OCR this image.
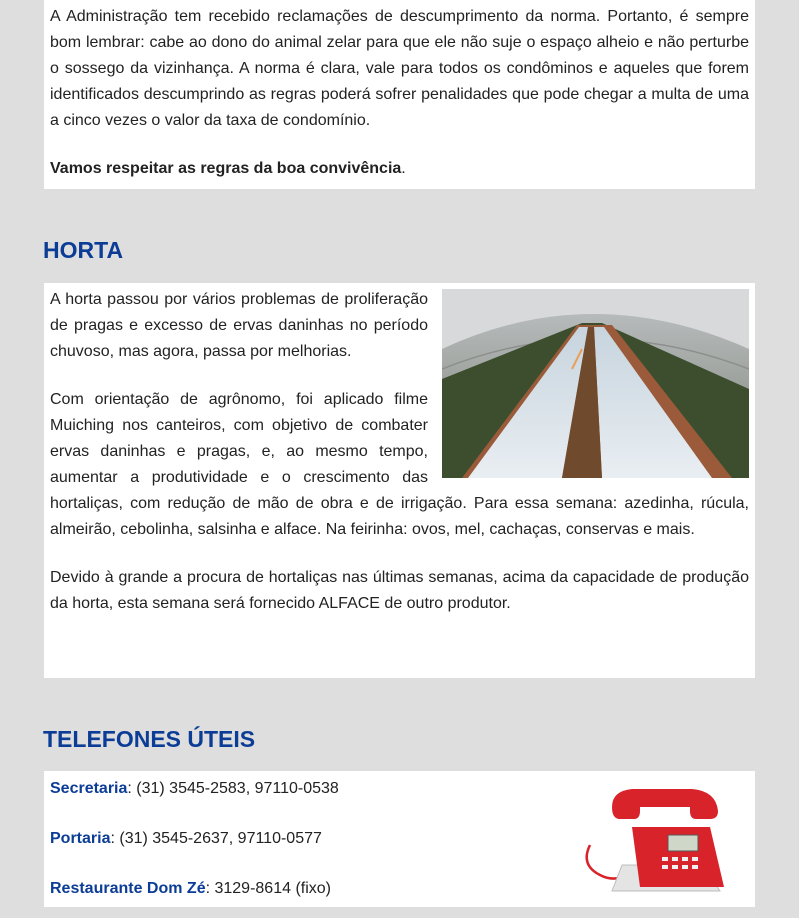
A Administração tem recebido reclamações de descumprimento da norma. Portanto, é sempre bom lembrar: cabe ao dono do animal zelar para que ele não suje o espaço alheio e não perturbe o sossego da vizinhança. A norma é clara, vale para todos os condôminos e aqueles que forem identificados descumprindo as regras poderá sofrer penalidades que pode chegar a multa de uma a cinco vezes o valor da taxa de condomínio.

Vamos respeitar as regras da boa convivência.

HORTA

A horta passou por vários problemas de proliferação de pragas e excesso de ervas daninhas no período chuvoso, mas agora, passa por melhorias.

Com orientação de agrônomo, foi aplicado filme Muiching nos canteiros, com objetivo de combater ervas daninhas e pragas, e, ao mesmo tempo, aumentar a produtividade e o crescimento das hortaliças, com redução de mão de obra e de irrigação. Para essa semana: azedinha, rúcula, almeirão, cebolinha, salsinha e alface. Na feirinha: ovos, mel, cachaças, conservas e mais.

Devido à grande a procura de hortaliças nas últimas semanas, acima da capacidade de produção da horta, esta semana será fornecido ALFACE de outro produtor.

TELEFONES ÚTEIS

Secretaria: (31) 3545-2583, 97110-0538

Portaria: (31) 3545-2637, 97110-0577

Restaurante Dom Zé: 3129-8614 (fixo)
